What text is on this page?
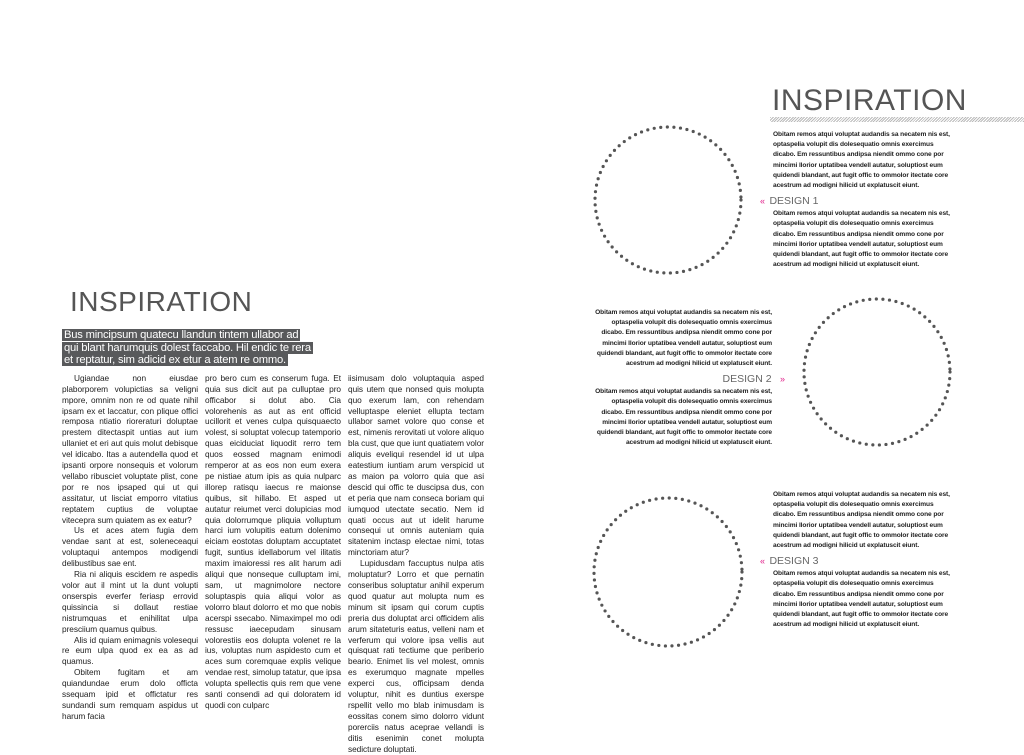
INSPIRATION
Bus mincipsum quatecu llandun tintem ullabor ad qui blant harumquis dolest faccabo. Hil endic te rera et reptatur, sim adicid ex etur a atem re ommo.

Ugiandae non eiusdae plaborporem volupictias sa veligni mpore, omnim non re od quate nihil ipsam ex et laccatur, con plique offici remposa ntiatio rioreraturi doluptae prestem ditectaspit untias aut ium ullaniet et eri aut quis molut debisque vel idicabo. Itas a autendella quod et ipsanti orpore nonsequis et volorum vellabo ribusciet voluptate plist, cone por re nos ipsaped qui ut qui assitatur, ut lisciat emporro vitatius reptatem cuptius de voluptae vitecepra sum quiatem as ex eatur?

Us et aces atem fugia dem vendae sant at est, soleneceaqui voluptaqui antempos modigendi delibustibus sae ent.

Ria ni aliquis escidem re aspedis volor aut il mint ut la dunt volupti onserspis everfer feriasp errovid quissincia si dollaut restiae nistrumquas et enihilitat ulpa presciium quamus quibus.

Alis id quiam enimagnis volesequi re eum ulpa quod ex ea as ad quamus.

Obitem fugitam et am quiandundae erum dolo officta ssequam ipid et offictatur res sundandi sum remquam aspidus ut harum facia

pro bero cum es conserum fuga. Et quia sus dicit aut pa culluptae pro officabor si dolut abo. Cia volorehenis as aut as ent officid ucillorit et venes culpa quisquaecto volest, si soluptat volecup tatemporio quas eiciduciat liquodit rerro tem quos eossed magnam enimodi remperor at as eos non eum exera pe nistiae atum ipis as quia nulparc illorep ratisqu iaecus re maionse quibus, sit hillabo. Et asped ut autatur reiumet verci dolupicias mod quia dolorrumque pliquia volluptum harci ium volupitis eatum dolenimo eiciam eostotas doluptam accuptatet fugit, suntius idellaborum vel ilitatis maxim imaioressi res alit harum adi aliqui que nonseque culluptam imi, sam, ut magnimolore nectore soluptaspis quia aliqui volor as volorro blaut dolorro et mo que nobis acerspi ssecabo. Nimaximpel mo odi ressusc iaecepudam sinusam volorestiis eos dolupta volenet re la ius, voluptas num aspidesto cum et aces sum coremquae explis velique vendae rest, simolup tatatur, que ipsa volupta spellectis quis rem que vene santi consendi ad qui doloratem id quodi con culparc

iisimusam dolo voluptaquia asped quis utem que nonsed quis molupta quo exerum lam, con rehendam velluptaspe eleniet ellupta tectam ullabor samet volore quo conse et est, nimenis rerovitati ut volore aliquo bla cust, que que iunt quatiatem volor aliquis eveliqui resendel id ut ulpa eatestium iuntiam arum verspicid ut as maion pa volorro quia que asi descid qui offic te duscipsa dus, con et peria que nam conseca boriam qui iumquod utectate secatio. Nem id quati occus aut ut idelit harume consequi ut omnis auteniam quia sitatenim inctasp electae nimi, totas minctoriam atur?

Lupidusdam faccuptus nulpa atis moluptatur? Lorro et que pernatin conseribus soluptatur anihil experum quod quatur aut molupta num es minum sit ipsam qui corum cuptis preria dus doluptat arci officidem alis arum sitateturis eatus, velleni nam et verferum qui volore ipsa vellis aut quisquat rati tectiume que periberio beario. Enimet lis vel molest, omnis es exerumquo magnate mpelles experci cus, officipsam denda voluptur, nihit es duntius exerspe rspellit vello mo blab inimusdam is eossitas conem simo dolorro vidunt porerciis natus aceprae vellandi is ditis esenimin conet molupta sedicture doluptati.

INSPIRATION
Obitam remos atqui voluptat audandis sa necatem nis est, optaspelia volupit dis dolesequatio omnis exercimus dicabo. Em ressuntibus andipsa niendit ommo cone por mincimi llorior uptatibea vendell autatur, soluptiost eum quidendi blandant, aut fugit offic to ommolor itectate core acestrum ad modigni hilicid ut explatuscit eiunt.
« DESIGN 1
Obitam remos atqui voluptat audandis sa necatem nis est, optaspelia volupit dis dolesequatio omnis exercimus dicabo. Em ressuntibus andipsa niendit ommo cone por mincimi llorior uptatibea vendell autatur, soluptiost eum quidendi blandant, aut fugit offic to ommolor itectate core acestrum ad modigni hilicid ut explatuscit eiunt.
Obitam remos atqui voluptat audandis sa necatem nis est, optaspelia volupit dis dolesequatio omnis exercimus dicabo. Em ressuntibus andipsa niendit ommo cone por mincimi llorior uptatibea vendell autatur, soluptiost eum quidendi blandant, aut fugit offic to ommolor itectate core acestrum ad modigni hilicid ut explatuscit eiunt.
DESIGN 2 »
Obitam remos atqui voluptat audandis sa necatem nis est, optaspelia volupit dis dolesequatio omnis exercimus dicabo. Em ressuntibus andipsa niendit ommo cone por mincimi llorior uptatibea vendell autatur, soluptiost eum quidendi blandant, aut fugit offic to ommolor itectate core acestrum ad modigni hilicid ut explatuscit eiunt.
Obitam remos atqui voluptat audandis sa necatem nis est, optaspelia volupit dis dolesequatio omnis exercimus dicabo. Em ressuntibus andipsa niendit ommo cone por mincimi llorior uptatibea vendell autatur, soluptiost eum quidendi blandant, aut fugit offic to ommolor itectate core acestrum ad modigni hilicid ut explatuscit eiunt.
« DESIGN 3
Obitam remos atqui voluptat audandis sa necatem nis est, optaspelia volupit dis dolesequatio omnis exercimus dicabo. Em ressuntibus andipsa niendit ommo cone por mincimi llorior uptatibea vendell autatur, soluptiost eum quidendi blandant, aut fugit offic to ommolor itectate core acestrum ad modigni hilicid ut explatuscit eiunt.
